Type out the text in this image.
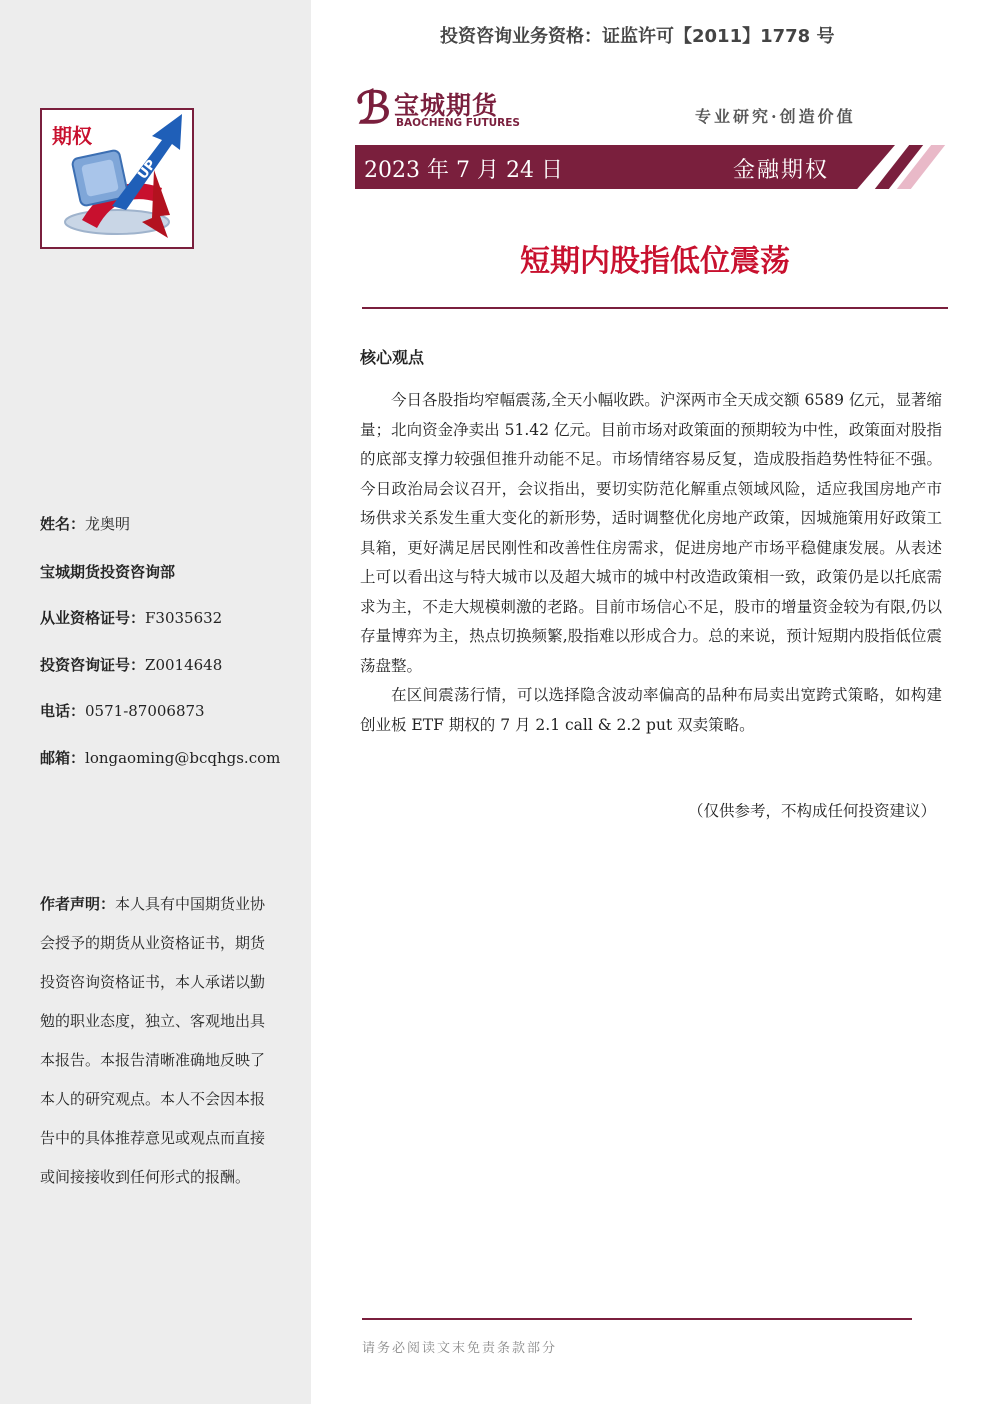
期权
UP
姓名：龙奥明
宝城期货投资咨询部
从业资格证号：F3035632
投资咨询证号：Z0014648
电话：0571-87006873
邮箱：longaoming@bcqhgs.com
作者声明：本人具有中国期货业协会授予的期货从业资格证书，期货投资咨询资格证书，本人承诺以勤勉的职业态度，独立、客观地出具本报告。本报告清晰准确地反映了本人的研究观点。本人不会因本报告中的具体推荐意见或观点而直接或间接接收到任何形式的报酬。
投资咨询业务资格：证监许可【2011】1778 号
ℬ 宝城期货
BAOCHENG FUTURES	专业研究·创造价值
2023 年 7 月 24 日	金融期权
短期内股指低位震荡
核心观点

今日各股指均窄幅震荡,全天小幅收跌。沪深两市全天成交额 6589 亿元，显著缩量；北向资金净卖出 51.42 亿元。目前市场对政策面的预期较为中性，政策面对股指的底部支撑力较强但推升动能不足。市场情绪容易反复，造成股指趋势性特征不强。今日政治局会议召开，会议指出，要切实防范化解重点领域风险，适应我国房地产市场供求关系发生重大变化的新形势，适时调整优化房地产政策，因城施策用好政策工具箱，更好满足居民刚性和改善性住房需求，促进房地产市场平稳健康发展。从表述上可以看出这与特大城市以及超大城市的城中村改造政策相一致，政策仍是以托底需求为主，不走大规模刺激的老路。目前市场信心不足，股市的增量资金较为有限,仍以存量博弈为主，热点切换频繁,股指难以形成合力。总的来说，预计短期内股指低位震荡盘整。

在区间震荡行情，可以选择隐含波动率偏高的品种布局卖出宽跨式策略，如构建创业板 ETF 期权的 7 月 2.1 call & 2.2 put 双卖策略。

（仅供参考，不构成任何投资建议）
请务必阅读文末免责条款部分
